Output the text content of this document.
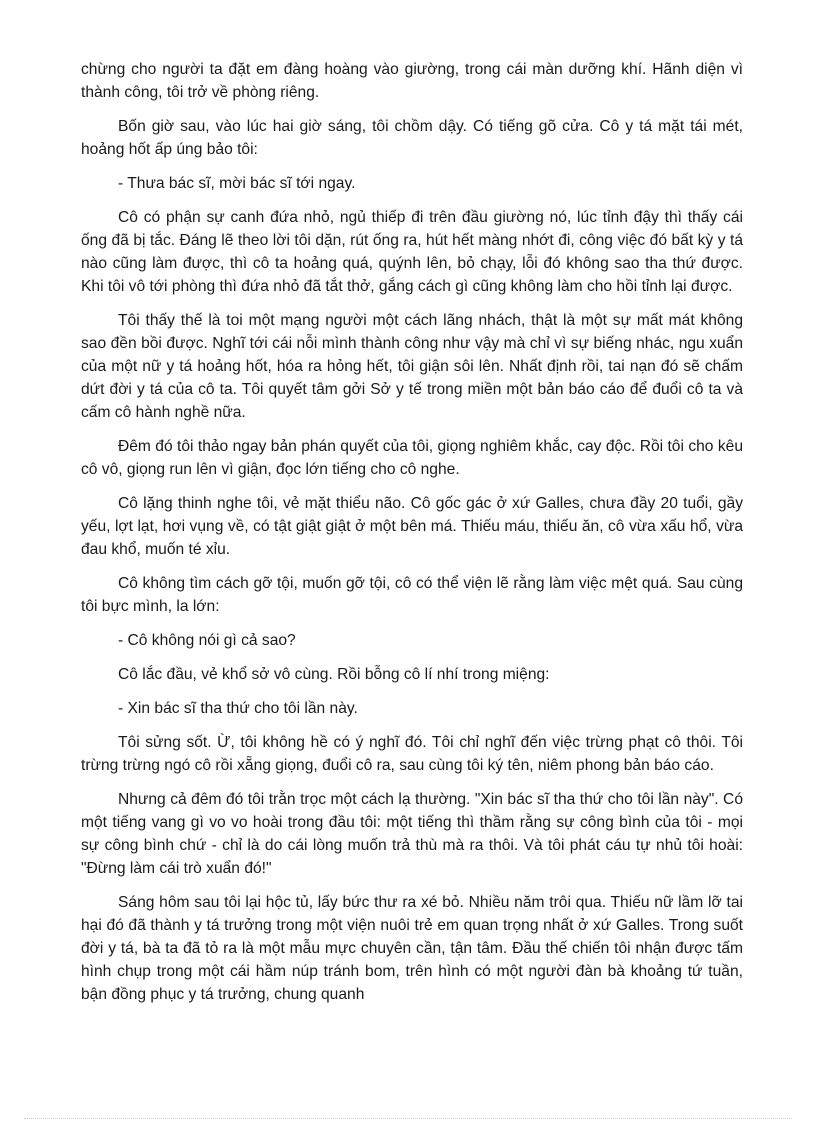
chừng cho người ta đặt em đàng hoàng vào giường, trong cái màn dưỡng khí. Hãnh diện vì thành công, tôi trở về phòng riêng.

Bốn giờ sau, vào lúc hai giờ sáng, tôi chồm dậy. Có tiếng gõ cửa. Cô y tá mặt tái mét, hoảng hốt ấp úng bảo tôi:

- Thưa bác sĩ, mời bác sĩ tới ngay.

Cô có phận sự canh đứa nhỏ, ngủ thiếp đi trên đầu giường nó, lúc tỉnh đậy thì thấy cái ống đã bị tắc. Đáng lẽ theo lời tôi dặn, rút ống ra, hút hết màng nhớt đi, công việc đó bất kỳ y tá nào cũng làm được, thì cô ta hoảng quá, quýnh lên, bỏ chạy, lỗi đó không sao tha thứ được. Khi tôi vô tới phòng thì đứa nhỏ đã tắt thở, gắng cách gì cũng không làm cho hồi tỉnh lại được.

Tôi thấy thế là toi một mạng người một cách lãng nhách, thật là một sự mất mát không sao đền bồi được. Nghĩ tới cái nỗi mình thành công như vậy mà chỉ vì sự biếng nhác, ngu xuẩn của một nữ y tá hoảng hốt, hóa ra hỏng hết, tôi giận sôi lên. Nhất định rồi, tai nạn đó sẽ chấm dứt đời y tá của cô ta. Tôi quyết tâm gởi Sở y tế trong miền một bản báo cáo để đuổi cô ta và cấm cô hành nghề nữa.

Đêm đó tôi thảo ngay bản phán quyết của tôi, giọng nghiêm khắc, cay độc. Rồi tôi cho kêu cô vô, giọng run lên vì giận, đọc lớn tiếng cho cô nghe.

Cô lặng thinh nghe tôi, vẻ mặt thiểu não. Cô gốc gác ở xứ Galles, chưa đầy 20 tuổi, gầy yếu, lợt lạt, hơi vụng về, có tật giật giật ở một bên má. Thiếu máu, thiếu ăn, cô vừa xấu hổ, vừa đau khổ, muốn té xỉu.

Cô không tìm cách gỡ tội, muốn gỡ tội, cô có thể viện lẽ rằng làm việc mệt quá. Sau cùng tôi bực mình, la lớn:

- Cô không nói gì cả sao?

Cô lắc đầu, vẻ khổ sở vô cùng. Rồi bỗng cô lí nhí trong miệng:

- Xin bác sĩ tha thứ cho tôi lần này.

Tôi sửng sốt. Ừ, tôi không hề có ý nghĩ đó. Tôi chỉ nghĩ đến việc trừng phạt cô thôi. Tôi trừng trừng ngó cô rồi xẵng giọng, đuổi cô ra, sau cùng tôi ký tên, niêm phong bản báo cáo.

Nhưng cả đêm đó tôi trằn trọc một cách lạ thường. "Xin bác sĩ tha thứ cho tôi lần này". Có một tiếng vang gì vo vo hoài trong đầu tôi: một tiếng thì thầm rằng sự công bình của tôi - mọi sự công bình chứ - chỉ là do cái lòng muốn trả thù mà ra thôi. Và tôi phát cáu tự nhủ tôi hoài: "Đừng làm cái trò xuẩn đó!"

Sáng hôm sau tôi lại hộc tủ, lấy bức thư ra xé bỏ. Nhiều năm trôi qua. Thiếu nữ lầm lỡ tai hại đó đã thành y tá trưởng trong một viện nuôi trẻ em quan trọng nhất ở xứ Galles. Trong suốt đời y tá, bà ta đã tỏ ra là một mẫu mực chuyên cần, tận tâm. Đầu thế chiến tôi nhận được tấm hình chụp trong một cái hầm núp tránh bom, trên hình có một người đàn bà khoảng tứ tuần, bận đồng phục y tá trưởng, chung quanh
